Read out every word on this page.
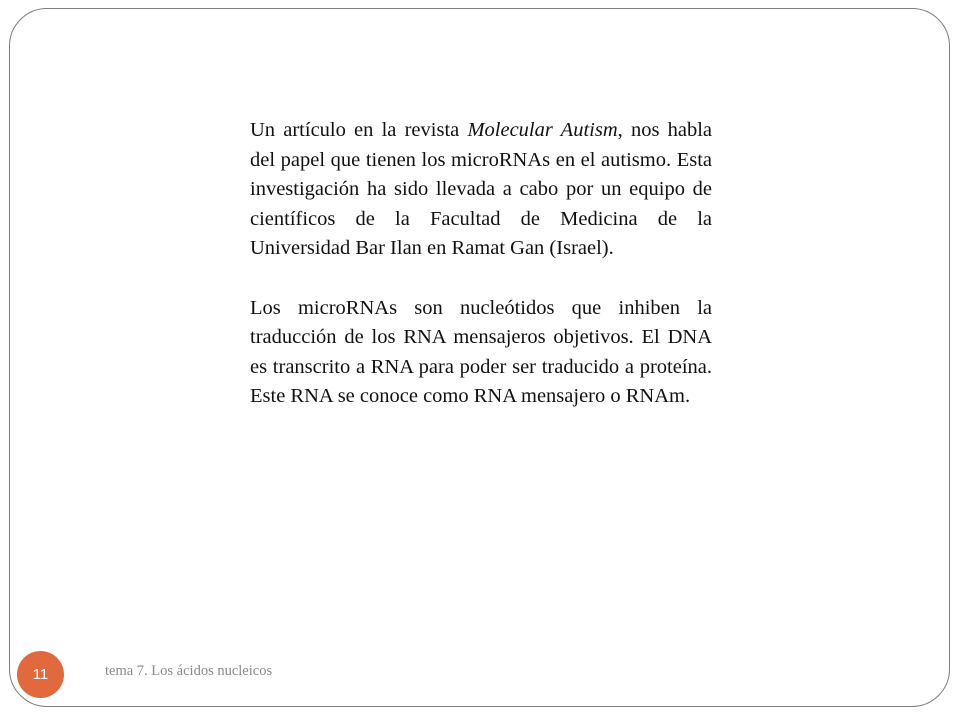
Un artículo en la revista Molecular Autism, nos habla del papel que tienen los microRNAs en el autismo. Esta investigación ha sido llevada a cabo por un equipo de científicos de la Facultad de Medicina de la Universidad Bar Ilan en Ramat Gan (Israel).

Los microRNAs son nucleótidos que inhiben la traducción de los RNA mensajeros objetivos. El DNA es transcrito a RNA para poder ser traducido a proteína. Este RNA se conoce como RNA mensajero o RNAm.

11	tema 7. Los ácidos nucleicos
